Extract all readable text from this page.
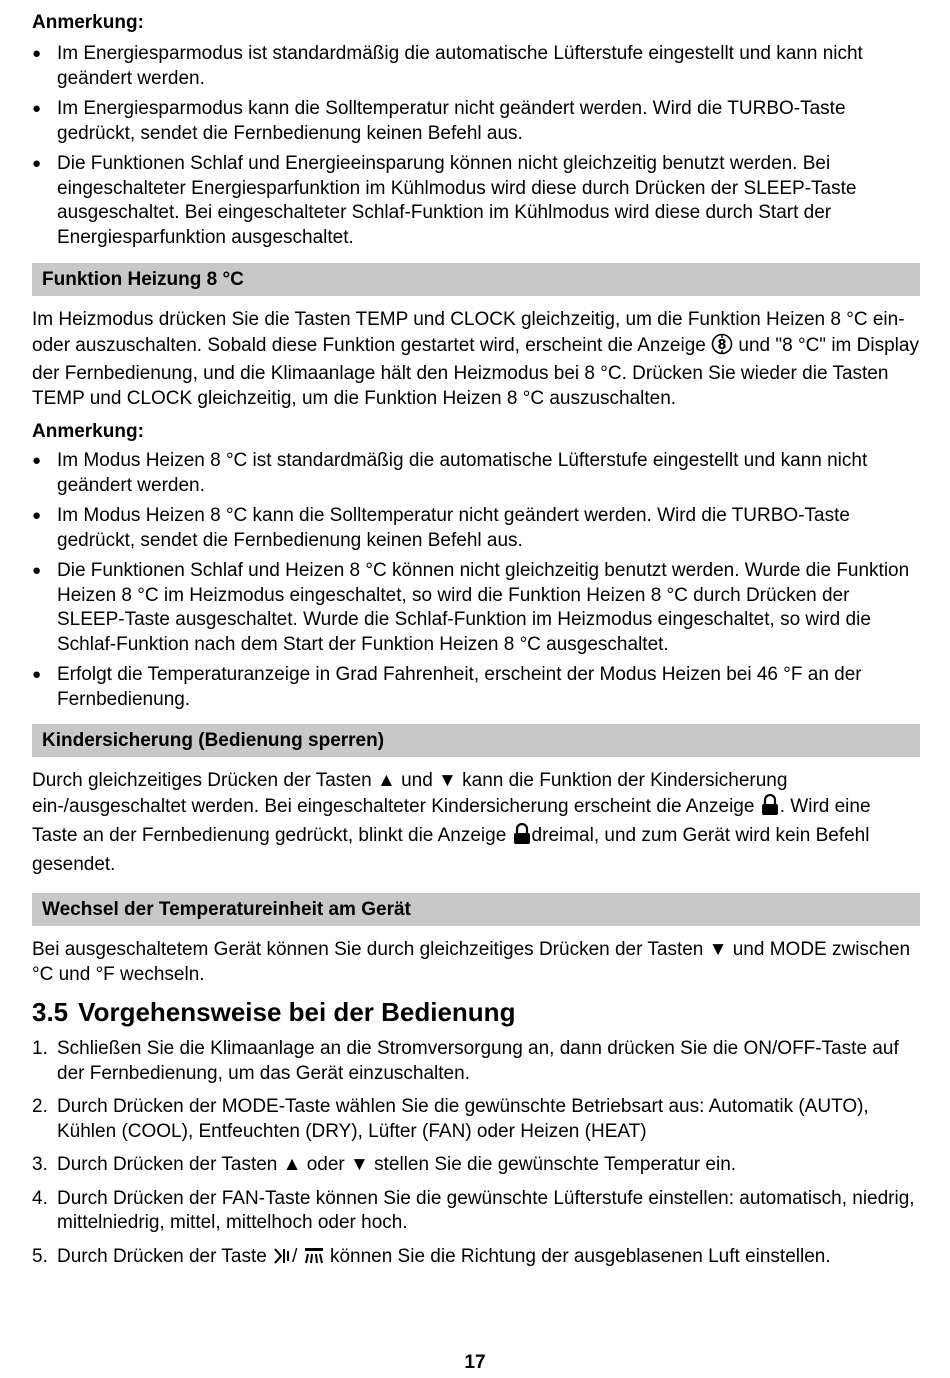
Anmerkung:

● Im Energiesparmodus ist standardmäßig die automatische Lüfterstufe eingestellt und kann nicht geändert werden.
● Im Energiesparmodus kann die Solltemperatur nicht geändert werden. Wird die TURBO-Taste gedrückt, sendet die Fernbedienung keinen Befehl aus.
● Die Funktionen Schlaf und Energieeinsparung können nicht gleichzeitig benutzt werden. Bei eingeschalteter Energiesparfunktion im Kühlmodus wird diese durch Drücken der SLEEP-Taste ausgeschaltet. Bei eingeschalteter Schlaf-Funktion im Kühlmodus wird diese durch Start der Energiesparfunktion ausgeschaltet.
Funktion Heizung 8 °C

Im Heizmodus drücken Sie die Tasten TEMP und CLOCK gleichzeitig, um die Funktion Heizen 8 °C ein- oder auszuschalten. Sobald diese Funktion gestartet wird, erscheint die Anzeige 8 und "8 °C" im Display der Fernbedienung, und die Klimaanlage hält den Heizmodus bei 8 °C. Drücken Sie wieder die Tasten TEMP und CLOCK gleichzeitig, um die Funktion Heizen 8 °C auszuschalten.

Anmerkung:

● Im Modus Heizen 8 °C ist standardmäßig die automatische Lüfterstufe eingestellt und kann nicht geändert werden.
● Im Modus Heizen 8 °C kann die Solltemperatur nicht geändert werden. Wird die TURBO-Taste gedrückt, sendet die Fernbedienung keinen Befehl aus.
● Die Funktionen Schlaf und Heizen 8 °C können nicht gleichzeitig benutzt werden. Wurde die Funktion Heizen 8 °C im Heizmodus eingeschaltet, so wird die Funktion Heizen 8 °C durch Drücken der SLEEP-Taste ausgeschaltet. Wurde die Schlaf-Funktion im Heizmodus eingeschaltet, so wird die Schlaf-Funktion nach dem Start der Funktion Heizen 8 °C ausgeschaltet.
● Erfolgt die Temperaturanzeige in Grad Fahrenheit, erscheint der Modus Heizen bei 46 °F an der Fernbedienung.
Kindersicherung (Bedienung sperren)

Durch gleichzeitiges Drücken der Tasten ▲ und ▼ kann die Funktion der Kindersicherung ein-/ausgeschaltet werden. Bei eingeschalteter Kindersicherung erscheint die Anzeige . Wird eine Taste an der Fernbedienung gedrückt, blinkt die Anzeige dreimal, und zum Gerät wird kein Befehl gesendet.

Wechsel der Temperatureinheit am Gerät

Bei ausgeschaltetem Gerät können Sie durch gleichzeitiges Drücken der Tasten ▼ und MODE zwischen °C und °F wechseln.

3.5 Vorgehensweise bei der Bedienung
1. Schließen Sie die Klimaanlage an die Stromversorgung an, dann drücken Sie die ON/OFF-Taste auf der Fernbedienung, um das Gerät einzuschalten.
2. Durch Drücken der MODE-Taste wählen Sie die gewünschte Betriebsart aus: Automatik (AUTO), Kühlen (COOL), Entfeuchten (DRY), Lüfter (FAN) oder Heizen (HEAT)
3. Durch Drücken der Tasten ▲ oder ▼ stellen Sie die gewünschte Temperatur ein.
4. Durch Drücken der FAN-Taste können Sie die gewünschte Lüfterstufe einstellen: automatisch, niedrig, mittelniedrig, mittel, mittelhoch oder hoch.
5. Durch Drücken der Taste / können Sie die Richtung der ausgeblasenen Luft einstellen.
17
